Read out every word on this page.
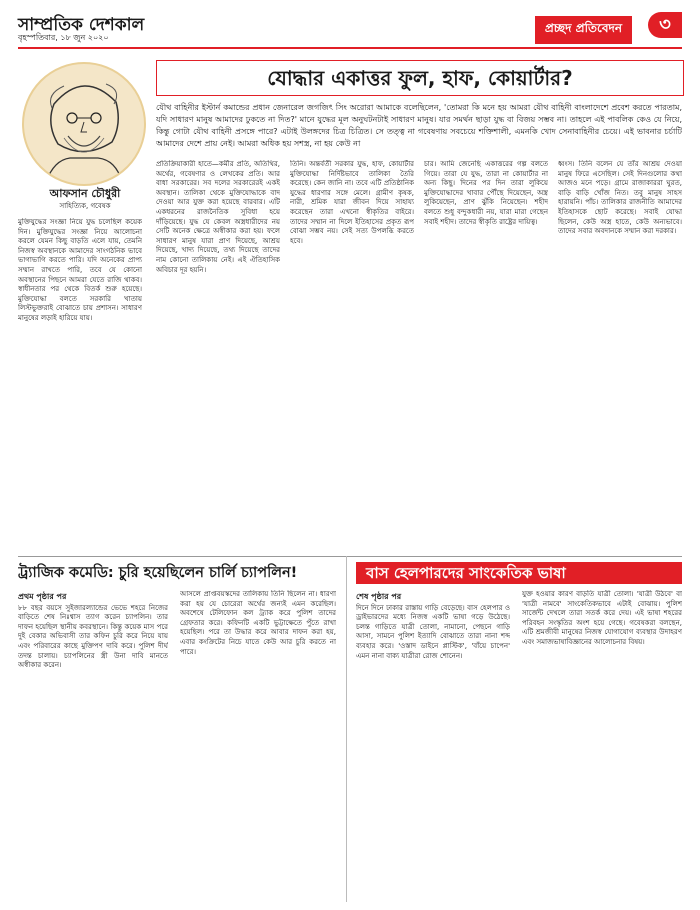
সাম্প্রতিক দেশকাল
বৃহস্পতিবার, ১৮ জুন ২০২০
প্রচ্ছদ প্রতিবেদন	৩
যোদ্ধার একাত্তর ফুল, হাফ, কোয়ার্টার?
আফসান চৌধুরী
সাহিত্যিক, গবেষক
যৌথ বাহিনীর ইস্টার্ন কমান্ডের প্রধান জেনারেল জগজিৎ সিং অরোরা আমাকে বলেছিলেন, 'তোমরা কি মনে হয় আমরা যৌথ বাহিনী বাংলাদেশে প্রবেশ করতে পারতাম, যদি সাধারণ মানুষ আমাদের ঢুকতে না দিত?' মানে যুদ্ধের মূল অনুঘটনটাই সাধারণ মানুষ। যার সমর্থন ছাড়া যুদ্ধ বা বিজয় সম্ভব না। তাহলে এই পাবলিক কেও যে নিয়ে, কিন্তু গোটা যৌথ বাহিনী প্রসঙ্গে পারে? এটাই উলঙ্গদের চিত্র চিত্রিত। সে তত্ত্ব না গবেষণায় সবচেয়ে শক্তিশালী, এমনকি খোদ সেনাবাহিনীর চেয়ে। এই ভাবনার চর্চাটি আমাদের দেশে প্রায় নেই। আমরা অধিক হয় সশস্ত্র, না হয় কেউ না

মুক্তিযুদ্ধের সংজ্ঞা নিয়ে যুদ্ধ চলেছিল কয়েক দিন। মুক্তিযুদ্ধের সংজ্ঞা নিয়ে আলোচনা করলে যেমন কিছু বাড়তি এলে যায়, তেমনি নিজস্ব অবস্থানকে আমাদের সাংগঠনিক ভাবে ভাগাভাগি করতে পারি। যদি অনেকের প্রাপ্য সম্মান রাখতে পারি, তবে যে কোনো অবস্থানের পিছনে আমরা যেতে রাজি থাকব। স্বাধীনতার পর থেকে বিতর্ক শুরু হয়েছে। মুক্তিযোদ্ধা বলতে সরকারি খাতায় লিস্টভুক্তরাই বোঝাতে চায় প্রশাসন। সাধারণ মানুষের লড়াই হারিয়ে যায়।

প্রতিক্রিয়াকারী হাতে—কর্মীর প্রতি, অতিথির, অর্থের, গবেষণার ও লেখকের প্রতি। আর বাধা সরকারের। সব দলের সরকারেরই একই অবস্থান। তালিকা থেকে মুক্তিযোদ্ধাকে বাদ দেওয়া আর যুক্ত করা হয়েছে বারবার। এটি একধরনের রাজনৈতিক সুবিধা হয়ে দাঁড়িয়েছে। যুদ্ধ যে কেবল অস্ত্রধারীদের নয় সেটি অনেক ক্ষেত্রে অস্বীকার করা হয়। ফলে সাধারণ মানুষ যারা প্রাণ দিয়েছে, আশ্রয় দিয়েছে, খাদ্য দিয়েছে, তথ্য দিয়েছে তাদের নাম কোনো তালিকায় নেই। এই ঐতিহাসিক অবিচার দূর হয়নি।

তিনি। অন্তর্বর্তী সরকার যুদ্ধ, হাফ, কোয়ার্টার মুক্তিযোদ্ধা নির্দিষ্টভাবে তালিকা তৈরি করেছে। কেন জানি না। তবে এটি প্রতিষ্ঠানিক যুদ্ধের ধারণার সঙ্গে মেলে। গ্রামীণ কৃষক, নারী, শ্রমিক যারা জীবন দিয়ে সাহায্য করেছেন তারা এখনো স্বীকৃতির বাইরে। তাদের সম্মান না দিলে ইতিহাসের প্রকৃত রূপ বোঝা সম্ভব নয়। সেই সত্য উপলব্ধি করতে হবে।

চার। আমি জেনেছি একাত্তরের গল্প বলতে গিয়ে। তারা যে যুদ্ধ, তারা না কোয়ার্টার না অন্য কিছু। দিনের পর দিন তারা লুকিয়ে মুক্তিযোদ্ধাদের খাবার পৌঁছে দিয়েছেন, অস্ত্র লুকিয়েছেন, প্রাণ ঝুঁকি নিয়েছেন। শহীদ বলতে শুধু বন্দুকধারী নয়, যারা মারা গেছেন সবাই শহীদ। তাদের স্বীকৃতি রাষ্ট্রের দায়িত্ব।

ধ্বংস। তিনি বলেন যে তাঁর আশ্রয় দেওয়া মানুষ ফিরে এসেছিল। সেই দিনগুলোর কথা আজও মনে পড়ে। গ্রামে রাজাকাররা ঘুরত, বাড়ি বাড়ি খোঁজ নিত। তবু মানুষ সাহস হারায়নি। পাঁচ। তালিকার রাজনীতি আমাদের ইতিহাসকে ছোট করেছে। সবাই যোদ্ধা ছিলেন, কেউ অস্ত্র হাতে, কেউ অন্যভাবে। তাদের সবার অবদানকে সম্মান করা দরকার।

ট্র্যাজিক কমেডি: চুরি হয়েছিলেন চার্লি চ্যাপলিন!
প্রথম পৃষ্ঠার পর

৮৮ বছর বয়সে সুইজারল্যান্ডের ভেভে শহরে নিজের বাড়িতে শেষ নিঃশ্বাস ত্যাগ করেন চ্যাপলিন। তার দাফন হয়েছিল স্থানীয় কবরস্থানে। কিন্তু কয়েক মাস পরে দুই বেকার অভিবাসী তার কফিন চুরি করে নিয়ে যায় এবং পরিবারের কাছে মুক্তিপণ দাবি করে। পুলিশ দীর্ঘ তদন্ত চালায়। চ্যাপলিনের স্ত্রী উনা দাবি মানতে অস্বীকার করেন।

আসলে প্রাপ্তবয়স্কদের তালিকায় তিনি ছিলেন না। ধারণা করা হয় যে চোরেরা অর্থের জন্যই এমন করেছিল। অবশেষে টেলিফোন কল ট্র্যাক করে পুলিশ তাদের গ্রেফতার করে। কফিনটি একটি ভুট্টাক্ষেতে পুঁতে রাখা হয়েছিল। পরে তা উদ্ধার করে আবার দাফন করা হয়, এবার কংক্রিটের নিচে যাতে কেউ আর চুরি করতে না পারে।

বাস হেলপারদের সাংকেতিক ভাষা
শেষ পৃষ্ঠার পর

দিনে দিনে ঢাকার রাস্তায় গাড়ি বেড়েছে। বাস হেলপার ও ড্রাইভারদের মধ্যে নিজস্ব একটি ভাষা গড়ে উঠেছে। চলন্ত গাড়িতে যাত্রী তোলা, নামানো, পেছনে গাড়ি আসা, সামনে পুলিশ ইত্যাদি বোঝাতে তারা নানা শব্দ ব্যবহার করে। 'ওস্তাদ ডাইনে প্লাস্টিক', 'বাঁয়ে চাপেন' এমন নানা বাক্য যাত্রীরা রোজ শোনেন।

যুক্ত হওয়ার কারণ বাড়তি যাত্রী তোলা। 'যাত্রী উঠবে' বা 'যাত্রী নামবে' সাংকেতিকভাবে এটাই বোঝায়। পুলিশ সার্জেন্ট দেখলে তারা সতর্ক করে দেয়। এই ভাষা শহরের পরিবহন সংস্কৃতির অংশ হয়ে গেছে। গবেষকরা বলছেন, এটি শ্রমজীবী মানুষের নিজস্ব যোগাযোগ ব্যবস্থার উদাহরণ এবং সমাজভাষাবিজ্ঞানের আলোচনার বিষয়।
